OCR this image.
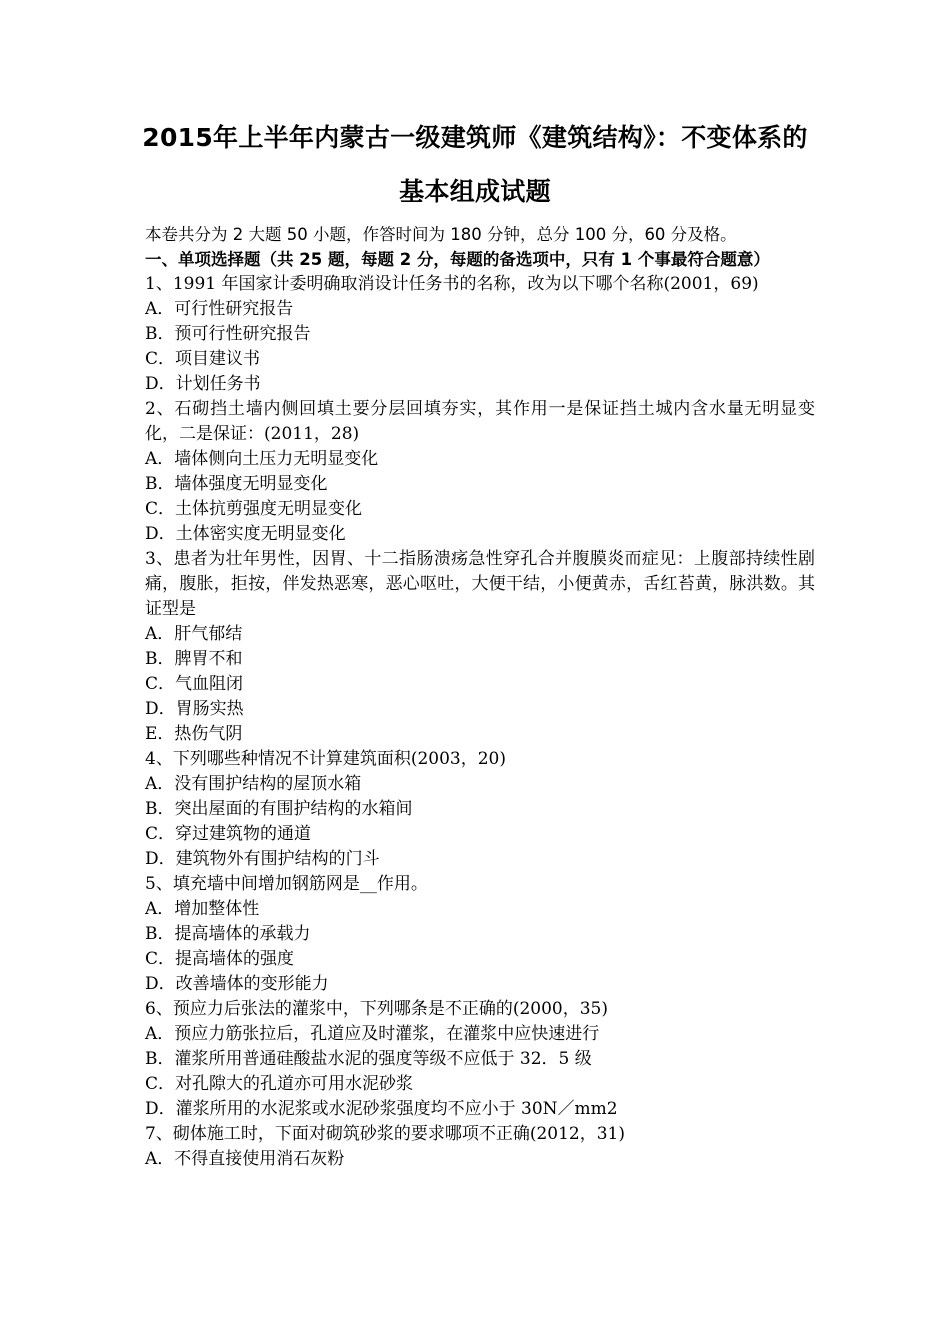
2015年上半年内蒙古一级建筑师《建筑结构》：不变体系的
基本组成试题
本卷共分为 2 大题 50 小题，作答时间为 180 分钟，总分 100 分，60 分及格。
一、单项选择题（共 25 题，每题 2 分，每题的备选项中，只有 1 个事最符合题意）
1、1991 年国家计委明确取消设计任务书的名称，改为以下哪个名称(2001，69)
A．可行性研究报告
B．预可行性研究报告
C．项目建议书
D．计划任务书
2、石砌挡土墙内侧回填土要分层回填夯实，其作用一是保证挡土城内含水量无明显变化，二是保证：(2011，28)
A．墙体侧向土压力无明显变化
B．墙体强度无明显变化
C．土体抗剪强度无明显变化
D．土体密实度无明显变化
3、患者为壮年男性，因胃、十二指肠溃疡急性穿孔合并腹膜炎而症见：上腹部持续性剧痛，腹胀，拒按，伴发热恶寒，恶心呕吐，大便干结，小便黄赤，舌红苔黄，脉洪数。其证型是
A．肝气郁结
B．脾胃不和
C．气血阻闭
D．胃肠实热
E．热伤气阴
4、下列哪些种情况不计算建筑面积(2003，20)
A．没有围护结构的屋顶水箱
B．突出屋面的有围护结构的水箱间
C．穿过建筑物的通道
D．建筑物外有围护结构的门斗
5、填充墙中间增加钢筋网是__作用。
A．增加整体性
B．提高墙体的承载力
C．提高墙体的强度
D．改善墙体的变形能力
6、预应力后张法的灌浆中，下列哪条是不正确的(2000，35)
A．预应力筋张拉后，孔道应及时灌浆，在灌浆中应快速进行
B．灌浆所用普通硅酸盐水泥的强度等级不应低于 32．5 级
C．对孔隙大的孔道亦可用水泥砂浆
D．灌浆所用的水泥浆或水泥砂浆强度均不应小于 30N／mm2
7、砌体施工时，下面对砌筑砂浆的要求哪项不正确(2012，31)
A．不得直接使用消石灰粉
